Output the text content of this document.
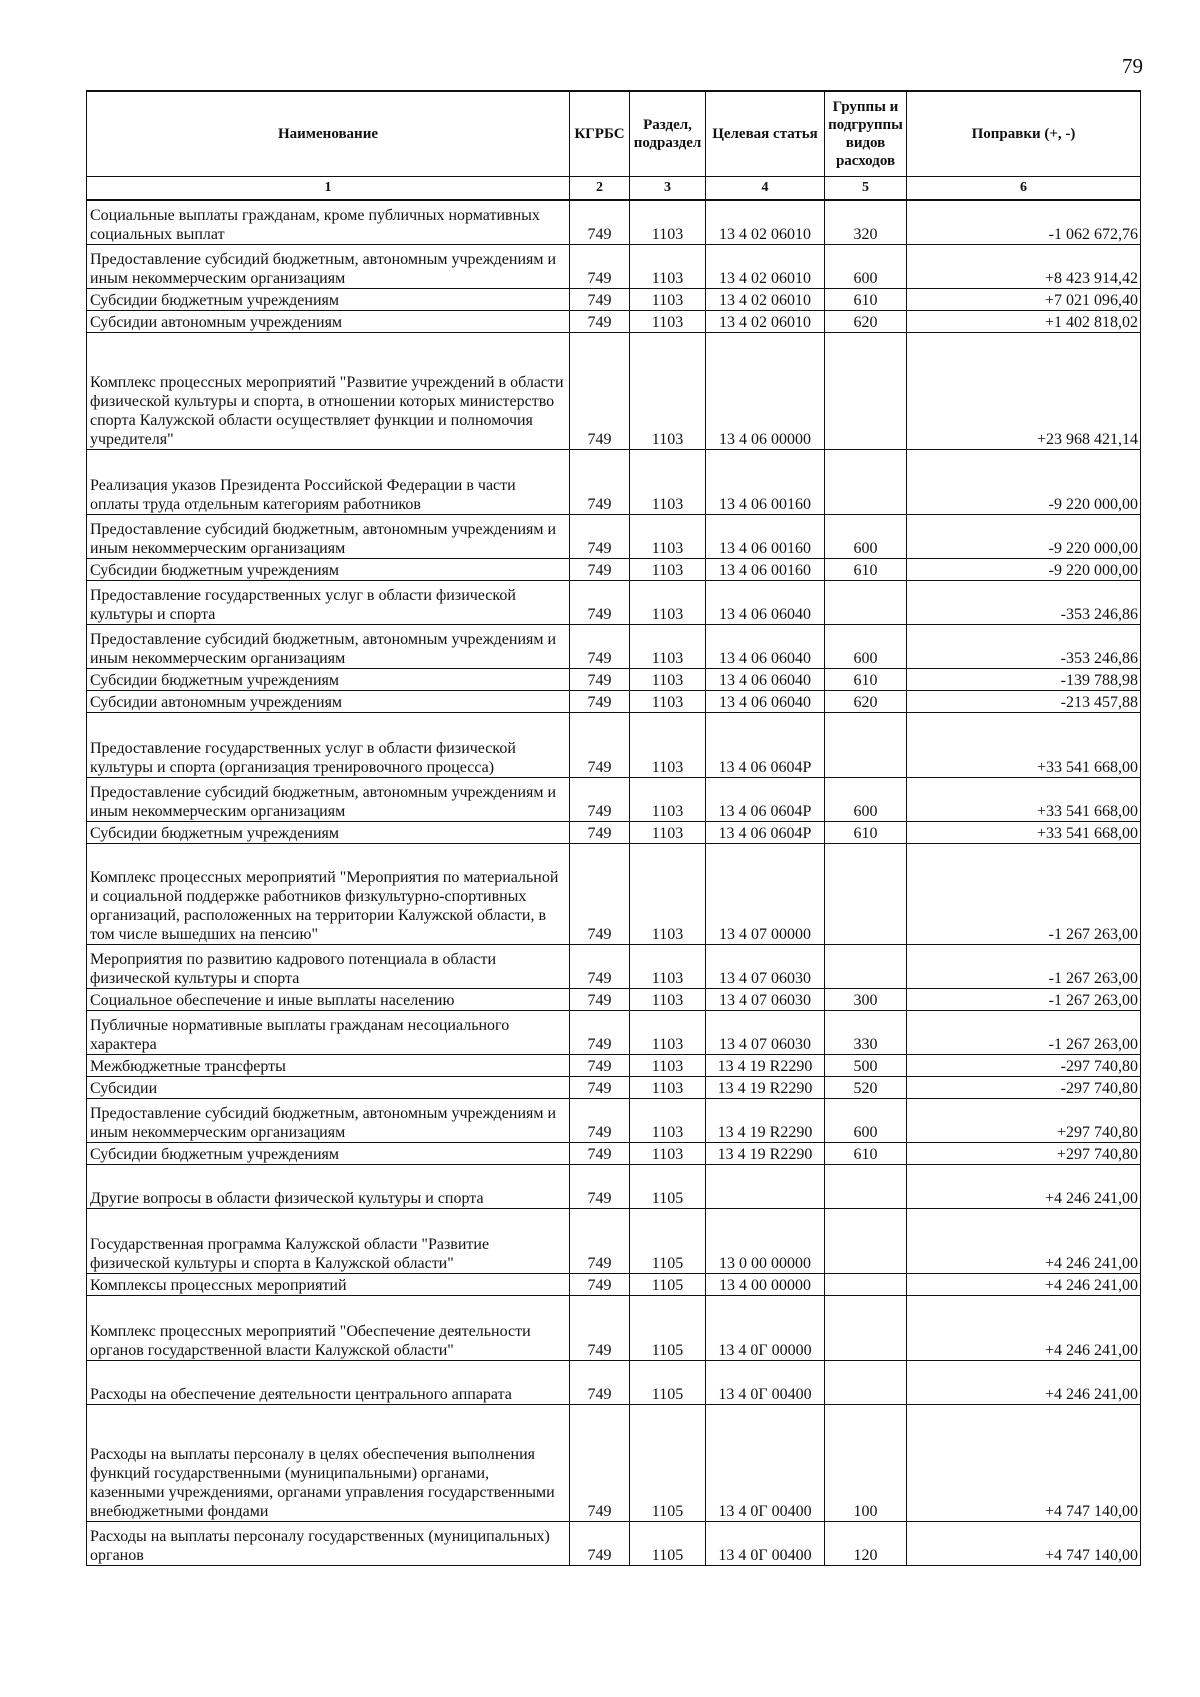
79
Наименование	КГРБС	Раздел, подраздел	Целевая статья	Группы и подгруппы видов расходов	Поправки (+, -)
1	2	3	4	5	6
Социальные выплаты гражданам, кроме публичных нормативных социальных выплат	749	1103	13 4 02 06010	320	-1 062 672,76
Предоставление субсидий бюджетным, автономным учреждениям и иным некоммерческим организациям	749	1103	13 4 02 06010	600	+8 423 914,42
Субсидии бюджетным учреждениям	749	1103	13 4 02 06010	610	+7 021 096,40
Субсидии автономным учреждениям	749	1103	13 4 02 06010	620	+1 402 818,02
Комплекс процессных мероприятий "Развитие учреждений в области физической культуры и спорта, в отношении которых министерство спорта Калужской области осуществляет функции и полномочия учредителя"	749	1103	13 4 06 00000		+23 968 421,14
Реализация указов Президента Российской Федерации в части оплаты труда отдельным категориям работников	749	1103	13 4 06 00160		-9 220 000,00
Предоставление субсидий бюджетным, автономным учреждениям и иным некоммерческим организациям	749	1103	13 4 06 00160	600	-9 220 000,00
Субсидии бюджетным учреждениям	749	1103	13 4 06 00160	610	-9 220 000,00
Предоставление государственных услуг в области физической культуры и спорта	749	1103	13 4 06 06040		-353 246,86
Предоставление субсидий бюджетным, автономным учреждениям и иным некоммерческим организациям	749	1103	13 4 06 06040	600	-353 246,86
Субсидии бюджетным учреждениям	749	1103	13 4 06 06040	610	-139 788,98
Субсидии автономным учреждениям	749	1103	13 4 06 06040	620	-213 457,88
Предоставление государственных услуг в области физической культуры и спорта (организация тренировочного процесса)	749	1103	13 4 06 0604Р		+33 541 668,00
Предоставление субсидий бюджетным, автономным учреждениям и иным некоммерческим организациям	749	1103	13 4 06 0604Р	600	+33 541 668,00
Субсидии бюджетным учреждениям	749	1103	13 4 06 0604Р	610	+33 541 668,00
Комплекс процессных мероприятий "Мероприятия по материальной и социальной поддержке работников физкультурно-спортивных организаций, расположенных на территории Калужской области, в том числе вышедших на пенсию"	749	1103	13 4 07 00000		-1 267 263,00
Мероприятия по развитию кадрового потенциала в области физической культуры и спорта	749	1103	13 4 07 06030		-1 267 263,00
Социальное обеспечение и иные выплаты населению	749	1103	13 4 07 06030	300	-1 267 263,00
Публичные нормативные выплаты гражданам несоциального характера	749	1103	13 4 07 06030	330	-1 267 263,00
Межбюджетные трансферты	749	1103	13 4 19 R2290	500	-297 740,80
Субсидии	749	1103	13 4 19 R2290	520	-297 740,80
Предоставление субсидий бюджетным, автономным учреждениям и иным некоммерческим организациям	749	1103	13 4 19 R2290	600	+297 740,80
Субсидии бюджетным учреждениям	749	1103	13 4 19 R2290	610	+297 740,80
Другие вопросы в области физической культуры и спорта	749	1105			+4 246 241,00
Государственная программа Калужской области "Развитие физической культуры и спорта в Калужской области"	749	1105	13 0 00 00000		+4 246 241,00
Комплексы процессных мероприятий	749	1105	13 4 00 00000		+4 246 241,00
Комплекс процессных мероприятий "Обеспечение деятельности органов государственной власти Калужской области"	749	1105	13 4 0Г 00000		+4 246 241,00
Расходы на обеспечение деятельности центрального аппарата	749	1105	13 4 0Г 00400		+4 246 241,00
Расходы на выплаты персоналу в целях обеспечения выполнения функций государственными (муниципальными) органами, казенными учреждениями, органами управления государственными внебюджетными фондами	749	1105	13 4 0Г 00400	100	+4 747 140,00
Расходы на выплаты персоналу государственных (муниципальных) органов	749	1105	13 4 0Г 00400	120	+4 747 140,00
